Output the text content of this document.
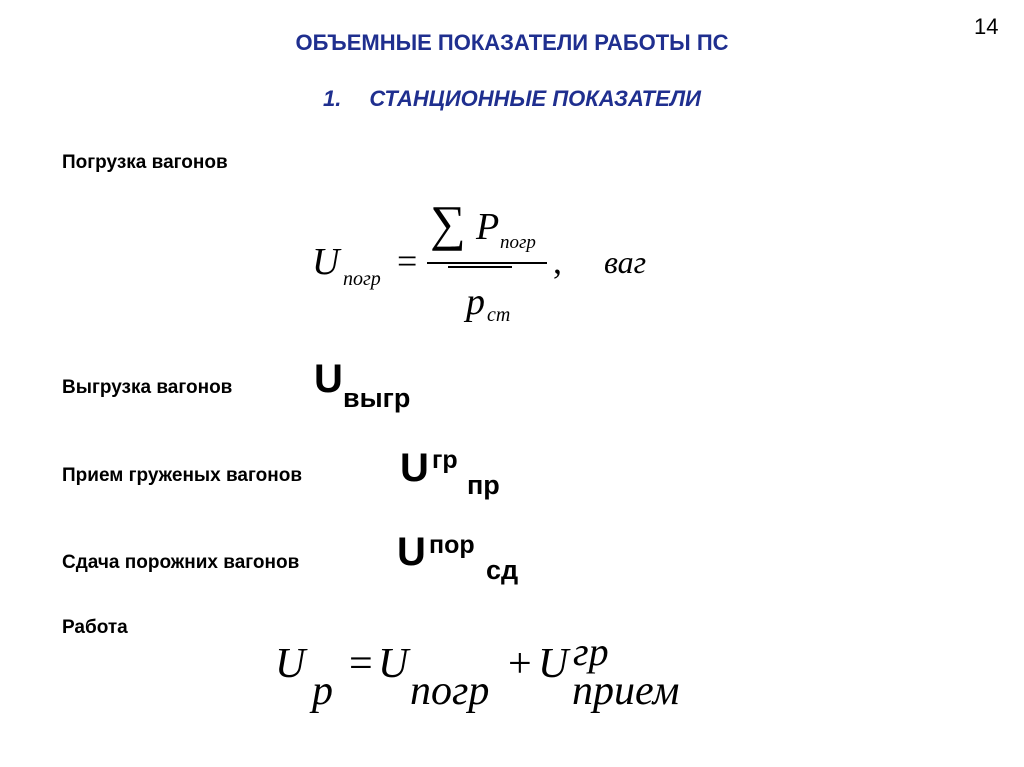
14
ОБЪЕМНЫЕ ПОКАЗАТЕЛИ РАБОТЫ ПС
1. СТАНЦИОННЫЕ ПОКАЗАТЕЛИ
Погрузка вагонов
U погр =
∑ P погр
p ст
, ваг
Выгрузка вагонов U выгр
Прием груженых вагонов U гр
пр
Сдача порожних вагонов U пор
сд
Работа
U
р
= U
погр
+ U гр
прием
